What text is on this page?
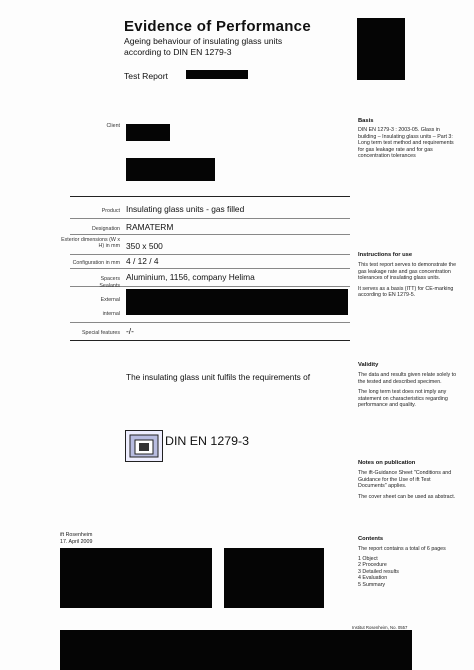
Evidence of Performance
Ageing behaviour of insulating glass units
according to DIN EN 1279-3
Test Report
Client
Product Insulating glass units - gas filled
Designation RAMATERM
Exterior dimensions (W x H) in mm 350 x 500
Configuration in mm 4 / 12 / 4
Spacers Aluminium, 1156, company Helima
Sealants
External
internal
Special features -/-
The insulating glass unit fulfils the requirements of
DIN EN 1279-3
Basis

DIN EN 1279-3 : 2003-05. Glass in building – Insulating glass units – Part 3: Long term test method and requirements for gas leakage rate and for gas concentration tolerances

Instructions for use

This test report serves to demonstrate the gas leakage rate and gas concentration tolerances of insulating glass units.

It serves as a basis (ITT) for CE-marking according to EN 1279-5.

Validity

The data and results given relate solely to the tested and described specimen.

The long term test does not imply any statement on characteristics regarding performance and quality.

Notes on publication

The ift-Guidance Sheet "Conditions and Guidance for the Use of ift Test Documents" applies.

The cover sheet can be used as abstract.

Contents

The report contains a total of 6 pages

1 Object

2 Procedure

3 Detailed results

4 Evaluation

5 Summary

ift Rosenheim
17. April 2009
Institut Rosenheim, No. 0557
